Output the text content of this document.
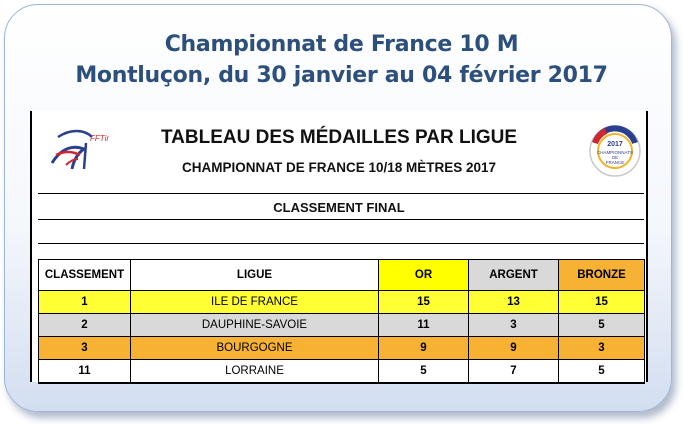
Championnat de France 10 M
Montluçon, du 30 janvier au 04 février 2017
FFTir
2017
CHAMPIONNATS
DE
FRANCE
TABLEAU DES MÉDAILLES PAR LIGUE
CHAMPIONNAT DE FRANCE 10/18 MÈTRES 2017
CLASSEMENT FINAL
CLASSEMENT	LIGUE	OR	ARGENT	BRONZE
1	ILE DE FRANCE	15	13	15
2	DAUPHINE-SAVOIE	11	3	5
3	BOURGOGNE	9	9	3
11	LORRAINE	5	7	5
